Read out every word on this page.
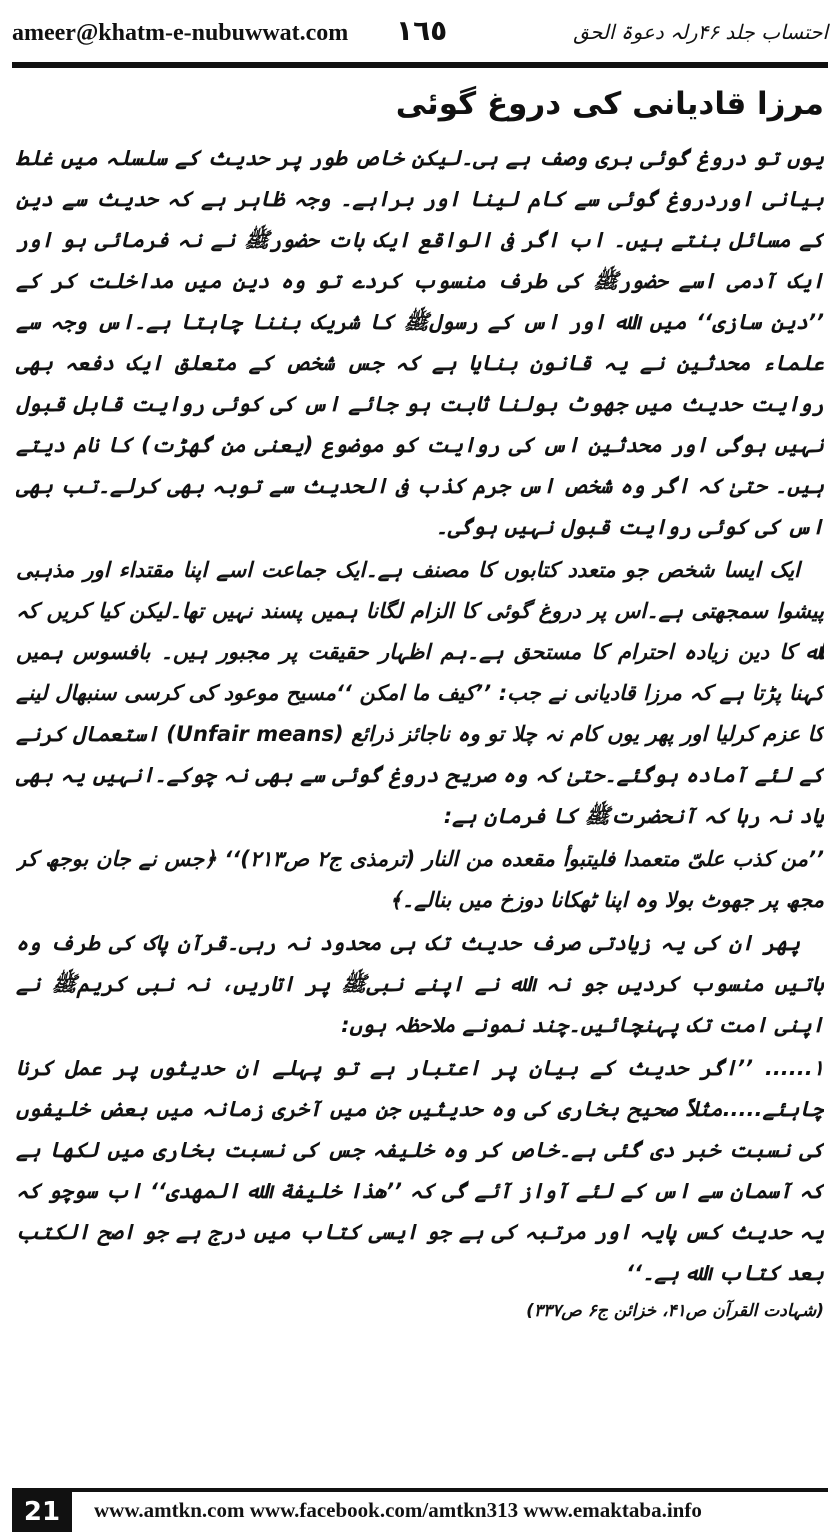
ameer@khatm-e-nubuwwat.com ١٦٥	احتساب جلد ۴۶رلہ دعوۃ الحق
مرزا قادیانی کی دروغ گوئی

یوں تو دروغ گوئی بری وصف ہے ہی۔لیکن خاص طور پر حدیث کے سلسلہ میں غلط بیانی اوردروغ گوئی سے کام لینا اور براہے۔ وجہ ظاہر ہے کہ حدیث سے دین کے مسائل بنتے ہیں۔ اب اگر فی الواقع ایک بات حضورﷺ نے نہ فرمائی ہو اور ایک آدمی اسے حضورﷺ کی طرف منسوب کردے تو وہ دین میں مداخلت کر کے ’’دین سازی‘‘ میں اﷲ اور اس کے رسولﷺ کا شریک بننا چاہتا ہے۔اس وجہ سے علماء محدثین نے یہ قانون بنایا ہے کہ جس شخص کے متعلق ایک دفعہ بھی روایت حدیث میں جھوٹ بولنا ثابت ہو جائے اس کی کوئی روایت قابل قبول نہیں ہوگی اور محدثین اس کی روایت کو موضوع (یعنی من گھڑت) کا نام دیتے ہیں۔ حتیٰ کہ اگر وہ شخص اس جرم کذب فی الحدیث سے توبہ بھی کرلے۔تب بھی اس کی کوئی روایت قبول نہیں ہوگی۔

ایک ایسا شخص جو متعدد کتابوں کا مصنف ہے۔ایک جماعت اسے اپنا مقتداء اور مذہبی پیشوا سمجھتی ہے۔اس پر دروغ گوئی کا الزام لگانا ہمیں پسند نہیں تھا۔لیکن کیا کریں کہ اﷲ کا دین زیادہ احترام کا مستحق ہے۔ہم اظہار حقیقت پر مجبور ہیں۔ بافسوس ہمیں کہنا پڑتا ہے کہ مرزا قادیانی نے جب: ’’کیف ما امکن ‘‘مسیح موعود کی کرسی سنبھال لینے کا عزم کرلیا اور پھر یوں کام نہ چلا تو وہ ناجائز ذرائع (Unfair means) استعمال کرنے کے لئے آمادہ ہوگئے۔حتیٰ کہ وہ صریح دروغ گوئی سے بھی نہ چوکے۔انہیں یہ بھی یاد نہ رہا کہ آنحضرتﷺ کا فرمان ہے:

’’من کذب علیّ متعمدا فلیتبوأ مقعده من النار (ترمذی ج۲ ص۲۱۳)‘‘ ﴿جس نے جان بوجھ کر مجھ پر جھوٹ بولا وہ اپنا ٹھکانا دوزخ میں بنالے۔﴾

پھر ان کی یہ زیادتی صرف حدیث تک ہی محدود نہ رہی۔قرآن پاک کی طرف وہ باتیں منسوب کردیں جو نہ اﷲ نے اپنے نبیﷺ پر اتاریں، نہ نبی کریمﷺ نے اپنی امت تک پہنچائیں۔چند نمونے ملاحظہ ہوں:

۱...... ’’اگر حدیث کے بیان پر اعتبار ہے تو پہلے ان حدیثوں پر عمل کرنا چاہئے.....مثلاً صحیح بخاری کی وہ حدیثیں جن میں آخری زمانہ میں بعض خلیفوں کی نسبت خبر دی گئی ہے۔خاص کر وہ خلیفہ جس کی نسبت بخاری میں لکھا ہے کہ آسمان سے اس کے لئے آواز آئے گی کہ ’’ھذا خلیفة اﷲ المھدی‘‘ اب سوچو کہ یہ حدیث کس پایہ اور مرتبہ کی ہے جو ایسی کتاب میں درج ہے جو اصح الکتب بعد کتاب اﷲ ہے۔‘‘

(شہادت القرآن ص۴۱، خزائن ج۶ ص۳۳۷)

21	www.amtkn.com www.facebook.com/amtkn313 www.emaktaba.info
